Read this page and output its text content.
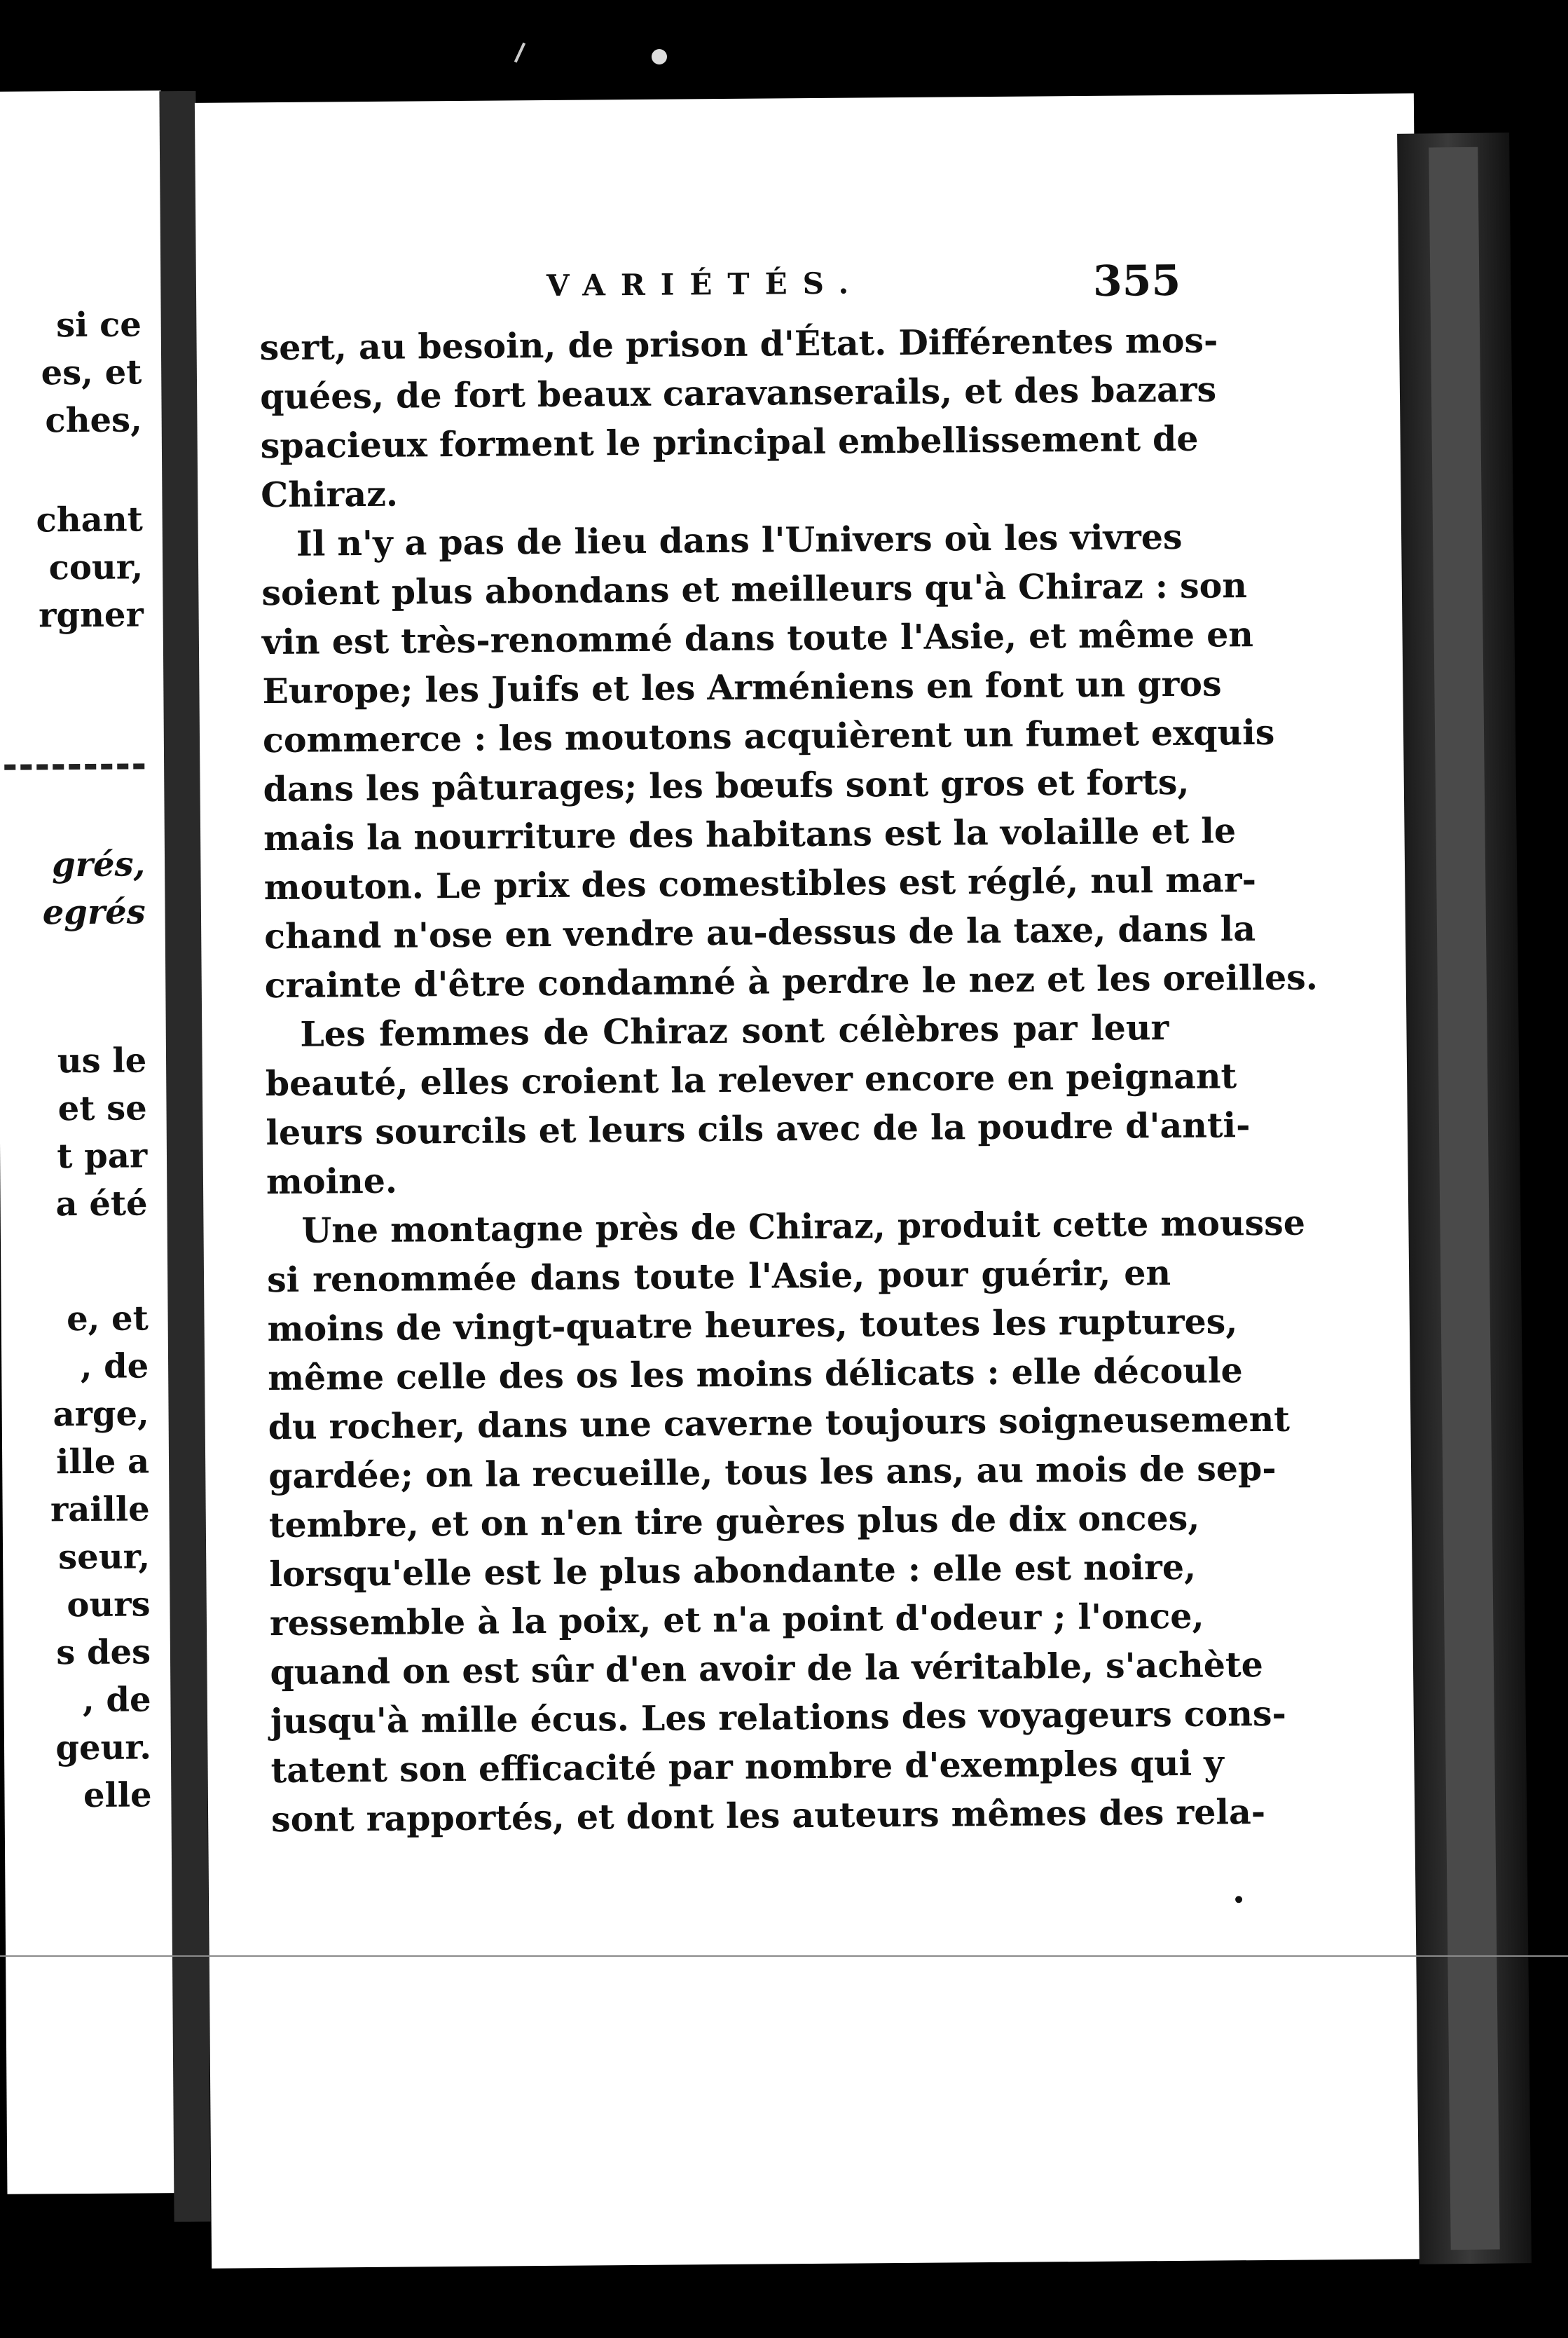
si ce
es, et
ches,
chant
cour,
rgner
grés,
egrés
us le
et se
t par
a été
e, et
, de
arge,
ille a
raille
seur,
ours
s des
, de
geur.
elle
VARIÉTÉS.	355
sert, au besoin, de prison d'État. Différentes mos-
quées, de fort beaux caravanserails, et des bazars
spacieux forment le principal embellissement de
Chiraz.
Il n'y a pas de lieu dans l'Univers où les vivres
soient plus abondans et meilleurs qu'à Chiraz : son
vin est très-renommé dans toute l'Asie, et même en
Europe; les Juifs et les Arméniens en font un gros
commerce : les moutons acquièrent un fumet exquis
dans les pâturages; les bœufs sont gros et forts,
mais la nourriture des habitans est la volaille et le
mouton. Le prix des comestibles est réglé, nul mar-
chand n'ose en vendre au-dessus de la taxe, dans la
crainte d'être condamné à perdre le nez et les oreilles.
Les femmes de Chiraz sont célèbres par leur
beauté, elles croient la relever encore en peignant
leurs sourcils et leurs cils avec de la poudre d'anti-
moine.
Une montagne près de Chiraz, produit cette mousse
si renommée dans toute l'Asie, pour guérir, en
moins de vingt-quatre heures, toutes les ruptures,
même celle des os les moins délicats : elle découle
du rocher, dans une caverne toujours soigneusement
gardée; on la recueille, tous les ans, au mois de sep-
tembre, et on n'en tire guères plus de dix onces,
lorsqu'elle est le plus abondante : elle est noire,
ressemble à la poix, et n'a point d'odeur ; l'once,
quand on est sûr d'en avoir de la véritable, s'achète
jusqu'à mille écus. Les relations des voyageurs cons-
tatent son efficacité par nombre d'exemples qui y
sont rapportés, et dont les auteurs mêmes des rela-
